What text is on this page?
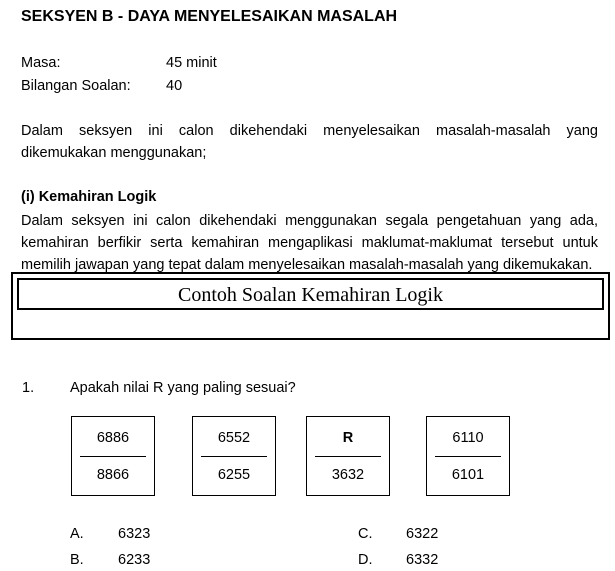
SEKSYEN B - DAYA MENYELESAIKAN MASALAH
Masa:	45 minit
Bilangan Soalan: 40
Dalam seksyen ini calon dikehendaki menyelesaikan masalah-masalah yang dikemukakan menggunakan;
(i) Kemahiran Logik
Dalam seksyen ini calon dikehendaki menggunakan segala pengetahuan yang ada, kemahiran berfikir serta kemahiran mengaplikasi maklumat-maklumat tersebut untuk memilih jawapan yang tepat dalam menyelesaikan masalah-masalah yang dikemukakan.
Contoh Soalan Kemahiran Logik
1. Apakah nilai R yang paling sesuai?
6886
8866
6552
6255
R
3632
6110
6101
A. 6323
B. 6233
C. 6322
D. 6332
